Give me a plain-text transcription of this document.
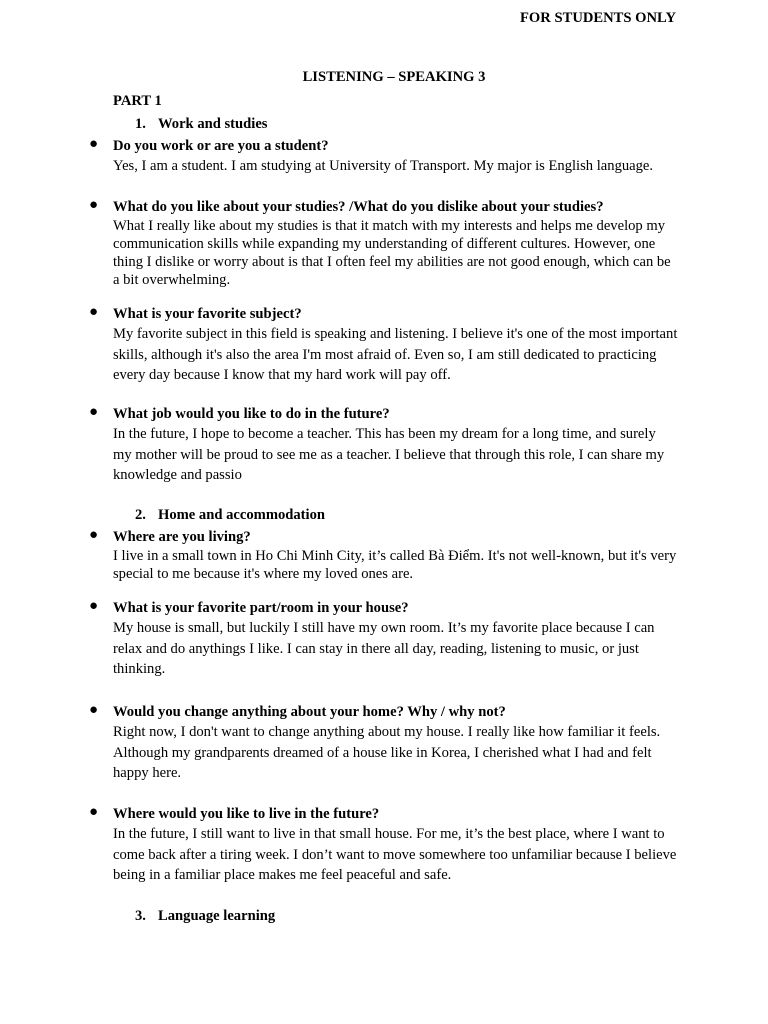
FOR STUDENTS ONLY
LISTENING – SPEAKING 3
PART 1
1. Work and studies
● Do you work or are you a student?
Yes, I am a student. I am studying at University of Transport. My major is English language.
● What do you like about your studies? /What do you dislike about your studies?
What I really like about my studies is that it match with my interests and helps me develop my communication skills while expanding my understanding of different cultures. However, one thing I dislike or worry about is that I often feel my abilities are not good enough, which can be a bit overwhelming.
● What is your favorite subject?
My favorite subject in this field is speaking and listening. I believe it's one of the most important skills, although it's also the area I'm most afraid of. Even so, I am still dedicated to practicing every day because I know that my hard work will pay off.
● What job would you like to do in the future?
In the future, I hope to become a teacher. This has been my dream for a long time, and surely my mother will be proud to see me as a teacher. I believe that through this role, I can share my knowledge and passio
2. Home and accommodation
● Where are you living?
I live in a small town in Ho Chi Minh City, it’s called Bà Điểm. It's not well-known, but it's very special to me because it's where my loved ones are.
● What is your favorite part/room in your house?
My house is small, but luckily I still have my own room. It’s my favorite place because I can relax and do anythings I like. I can stay in there all day, reading, listening to music, or just thinking.
● Would you change anything about your home? Why / why not?
Right now, I don't want to change anything about my house. I really like how familiar it feels. Although my grandparents dreamed of a house like in Korea, I cherished what I had and felt happy here.
● Where would you like to live in the future?
In the future, I still want to live in that small house. For me, it’s the best place, where I want to come back after a tiring week. I don’t want to move somewhere too unfamiliar because I believe being in a familiar place makes me feel peaceful and safe.
3. Language learning
